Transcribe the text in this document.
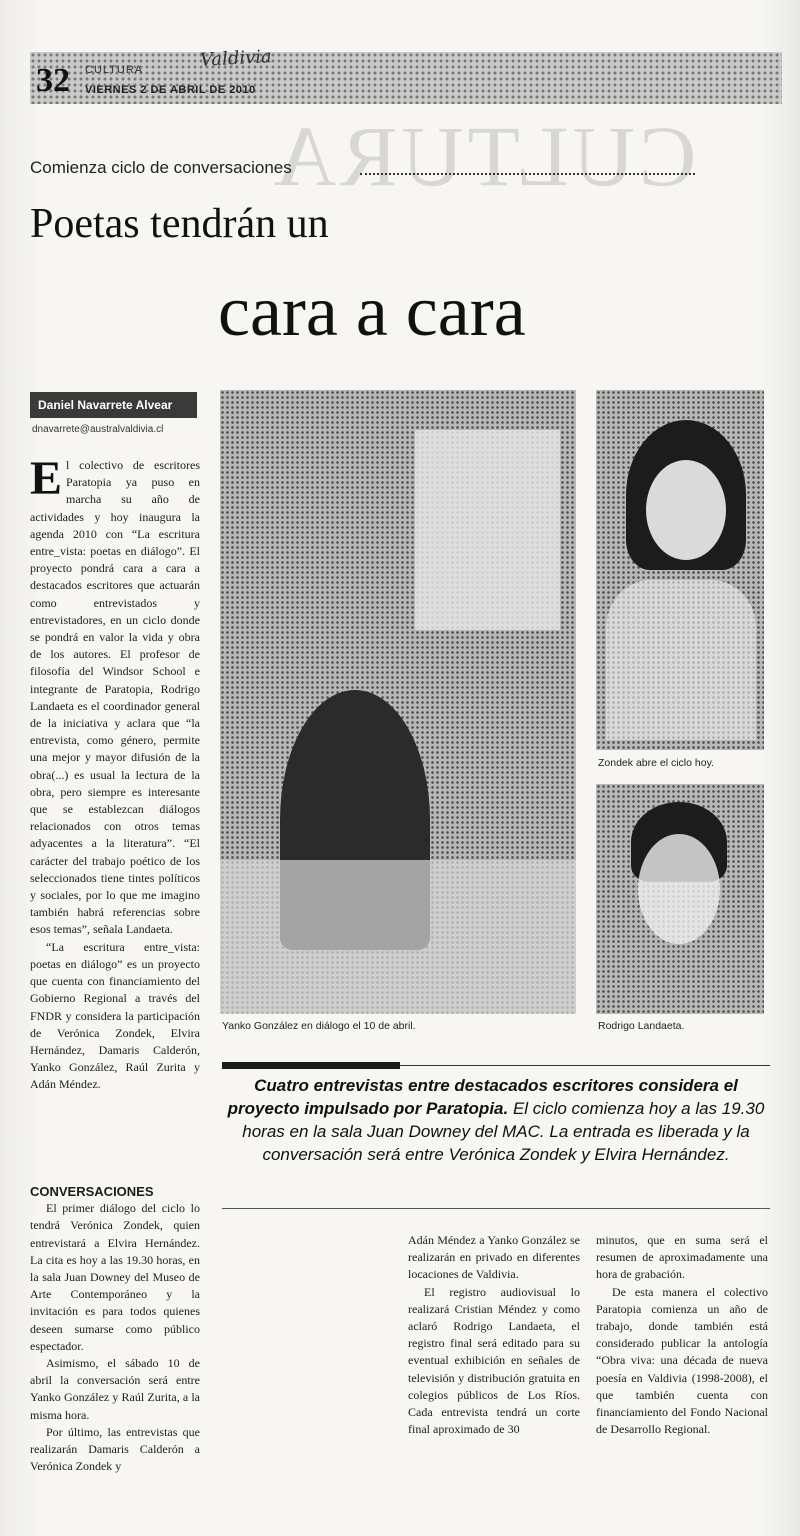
32 CULTURA
VIERNES 2 DE ABRIL DE 2010
Valdivia
CULTURA
Comienza ciclo de conversaciones
Poetas tendrán un
cara a cara
Daniel Navarrete Alvear
dnavarrete@australvaldivia.cl

El colectivo de escritores Paratopia ya puso en marcha su año de actividades y hoy inaugura la agenda 2010 con “La escritura entre_vista: poetas en diálogo”. El proyecto pondrá cara a cara a destacados escritores que actuarán como entrevistados y entrevistadores, en un ciclo donde se pondrá en valor la vida y obra de los autores. El profesor de filosofía del Windsor School e integrante de Paratopia, Rodrigo Landaeta es el coordinador general de la iniciativa y aclara que “la entrevista, como género, permite una mejor y mayor difusión de la obra(...) es usual la lectura de la obra, pero siempre es interesante que se establezcan diálogos relacionados con otros temas adyacentes a la literatura”. “El carácter del trabajo poético de los seleccionados tiene tintes políticos y sociales, por lo que me imagino también habrá referencias sobre esos temas”, señala Landaeta.

“La escritura entre_vista: poetas en diálogo” es un proyecto que cuenta con financiamiento del Gobierno Regional a través del FNDR y considera la participación de Verónica Zondek, Elvira Hernández, Damaris Calderón, Yanko González, Raúl Zurita y Adán Méndez.

CONVERSACIONES

El primer diálogo del ciclo lo tendrá Verónica Zondek, quien entrevistará a Elvira Hernández. La cita es hoy a las 19.30 horas, en la sala Juan Downey del Museo de Arte Contemporáneo y la invitación es para todos quienes deseen sumarse como público espectador.

Asimismo, el sábado 10 de abril la conversación será entre Yanko González y Raúl Zurita, a la misma hora.

Por último, las entrevistas que realizarán Damaris Calderón a Verónica Zondek y

Adán Méndez a Yanko González se realizarán en privado en diferentes locaciones de Valdivia.

El registro audiovisual lo realizará Cristian Méndez y como aclaró Rodrigo Landaeta, el registro final será editado para su eventual exhibición en señales de televisión y distribución gratuita en colegios públicos de Los Ríos. Cada entrevista tendrá un corte final aproximado de 30

minutos, que en suma será el resumen de aproximadamente una hora de grabación.

De esta manera el colectivo Paratopia comienza un año de trabajo, donde también está considerado publicar la antología “Obra viva: una década de nueva poesía en Valdivia (1998-2008), el que también cuenta con financiamiento del Fondo Nacional de Desarrollo Regional.

Yanko González en diálogo el 10 de abril.
Zondek abre el ciclo hoy.
Rodrigo Landaeta.
Cuatro entrevistas entre destacados escritores considera el proyecto impulsado por Paratopia. El ciclo comienza hoy a las 19.30 horas en la sala Juan Downey del MAC. La entrada es liberada y la conversación será entre Verónica Zondek y Elvira Hernández.
